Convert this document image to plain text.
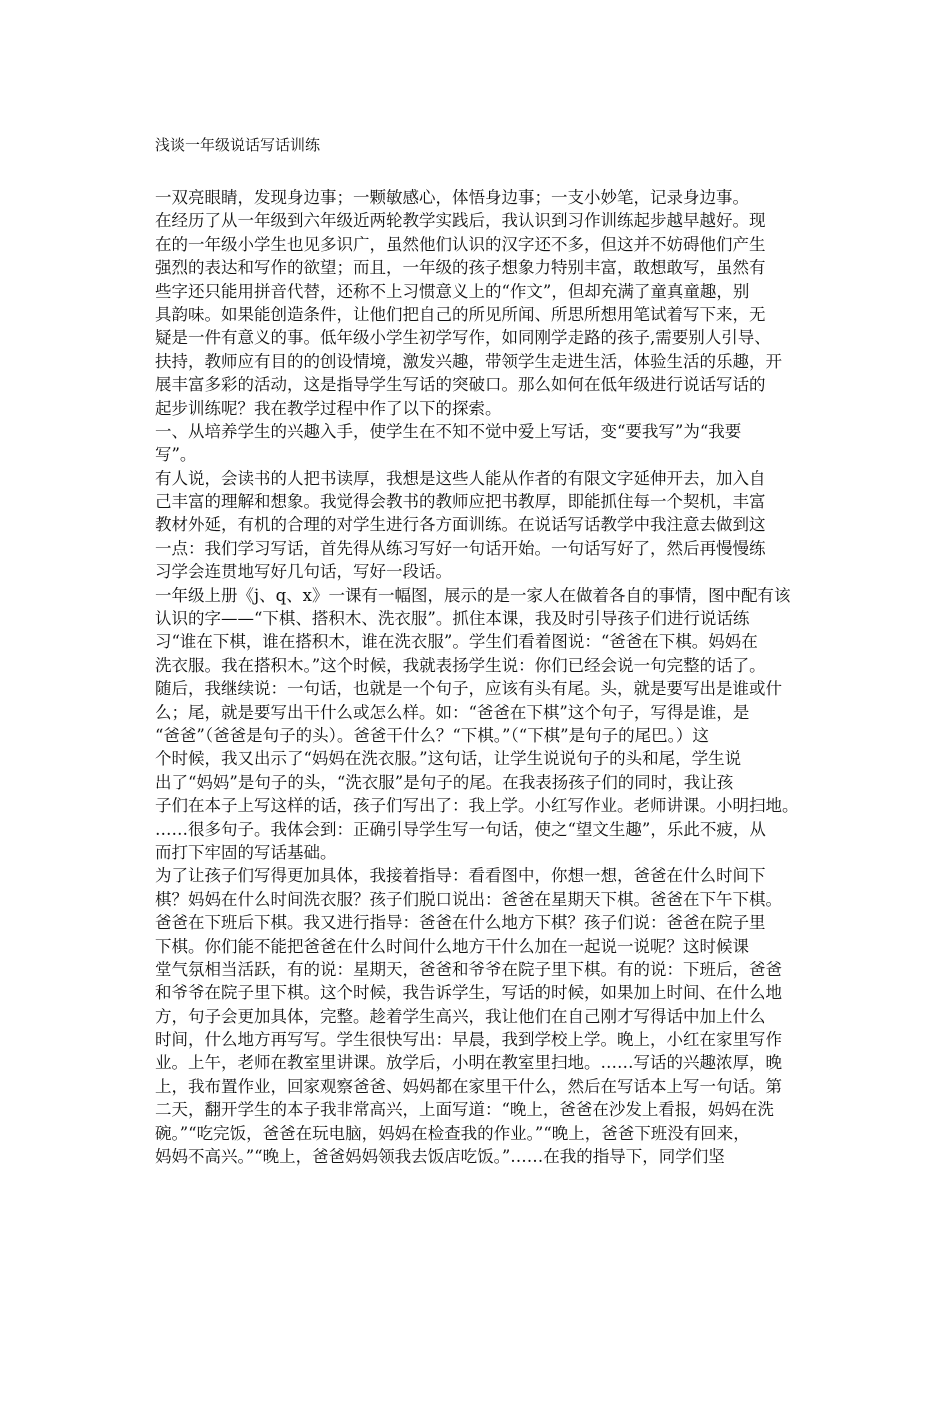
浅谈一年级说话写话训练
一双亮眼睛，发现身边事；一颗敏感心，体悟身边事；一支小妙笔，记录身边事。
在经历了从一年级到六年级近两轮教学实践后，我认识到习作训练起步越早越好。现
在的一年级小学生也见多识广，虽然他们认识的汉字还不多，但这并不妨碍他们产生
强烈的表达和写作的欲望；而且，一年级的孩子想象力特别丰富，敢想敢写，虽然有
些字还只能用拼音代替，还称不上习惯意义上的“作文”，但却充满了童真童趣，别
具韵味。如果能创造条件，让他们把自己的所见所闻、所思所想用笔试着写下来，无
疑是一件有意义的事。低年级小学生初学写作，如同刚学走路的孩子,需要别人引导、
扶持，教师应有目的的创设情境，激发兴趣，带领学生走进生活，体验生活的乐趣，开
展丰富多彩的活动，这是指导学生写话的突破口。那么如何在低年级进行说话写话的
起步训练呢？我在教学过程中作了以下的探索。
一、从培养学生的兴趣入手，使学生在不知不觉中爱上写话，变“要我写”为“我要
写”。
有人说，会读书的人把书读厚，我想是这些人能从作者的有限文字延伸开去，加入自
己丰富的理解和想象。我觉得会教书的教师应把书教厚，即能抓住每一个契机，丰富
教材外延，有机的合理的对学生进行各方面训练。在说话写话教学中我注意去做到这
一点：我们学习写话，首先得从练习写好一句话开始。一句话写好了，然后再慢慢练
习学会连贯地写好几句话，写好一段话。
一年级上册《j、q、x》一课有一幅图，展示的是一家人在做着各自的事情，图中配有该
认识的字——“下棋、搭积木、洗衣服”。抓住本课，我及时引导孩子们进行说话练
习“谁在下棋，谁在搭积木，谁在洗衣服”。学生们看着图说：“爸爸在下棋。妈妈在
洗衣服。我在搭积木。”这个时候，我就表扬学生说：你们已经会说一句完整的话了。
随后，我继续说：一句话，也就是一个句子，应该有头有尾。头，就是要写出是谁或什
么；尾，就是要写出干什么或怎么样。如：“爸爸在下棋”这个句子，写得是谁，是
“爸爸”（爸爸是句子的头）。爸爸干什么？“下棋。”（“下棋”是句子的尾巴。）这
个时候，我又出示了“妈妈在洗衣服。”这句话，让学生说说句子的头和尾，学生说
出了“妈妈”是句子的头，“洗衣服”是句子的尾。在我表扬孩子们的同时，我让孩
子们在本子上写这样的话，孩子们写出了：我上学。小红写作业。老师讲课。小明扫地。
……很多句子。我体会到：正确引导学生写一句话，使之“望文生趣”，乐此不疲，从
而打下牢固的写话基础。
为了让孩子们写得更加具体，我接着指导：看看图中，你想一想，爸爸在什么时间下
棋？妈妈在什么时间洗衣服？孩子们脱口说出：爸爸在星期天下棋。爸爸在下午下棋。
爸爸在下班后下棋。我又进行指导：爸爸在什么地方下棋？孩子们说：爸爸在院子里
下棋。你们能不能把爸爸在什么时间什么地方干什么加在一起说一说呢？这时候课
堂气氛相当活跃，有的说：星期天，爸爸和爷爷在院子里下棋。有的说：下班后，爸爸
和爷爷在院子里下棋。这个时候，我告诉学生，写话的时候，如果加上时间、在什么地
方，句子会更加具体，完整。趁着学生高兴，我让他们在自己刚才写得话中加上什么
时间，什么地方再写写。学生很快写出：早晨，我到学校上学。晚上，小红在家里写作
业。上午，老师在教室里讲课。放学后，小明在教室里扫地。……写话的兴趣浓厚，晚
上，我布置作业，回家观察爸爸、妈妈都在家里干什么，然后在写话本上写一句话。第
二天，翻开学生的本子我非常高兴，上面写道：“晚上，爸爸在沙发上看报，妈妈在洗
碗。”“吃完饭，爸爸在玩电脑，妈妈在检查我的作业。”“晚上，爸爸下班没有回来，
妈妈不高兴。”“晚上，爸爸妈妈领我去饭店吃饭。”……在我的指导下，同学们坚
